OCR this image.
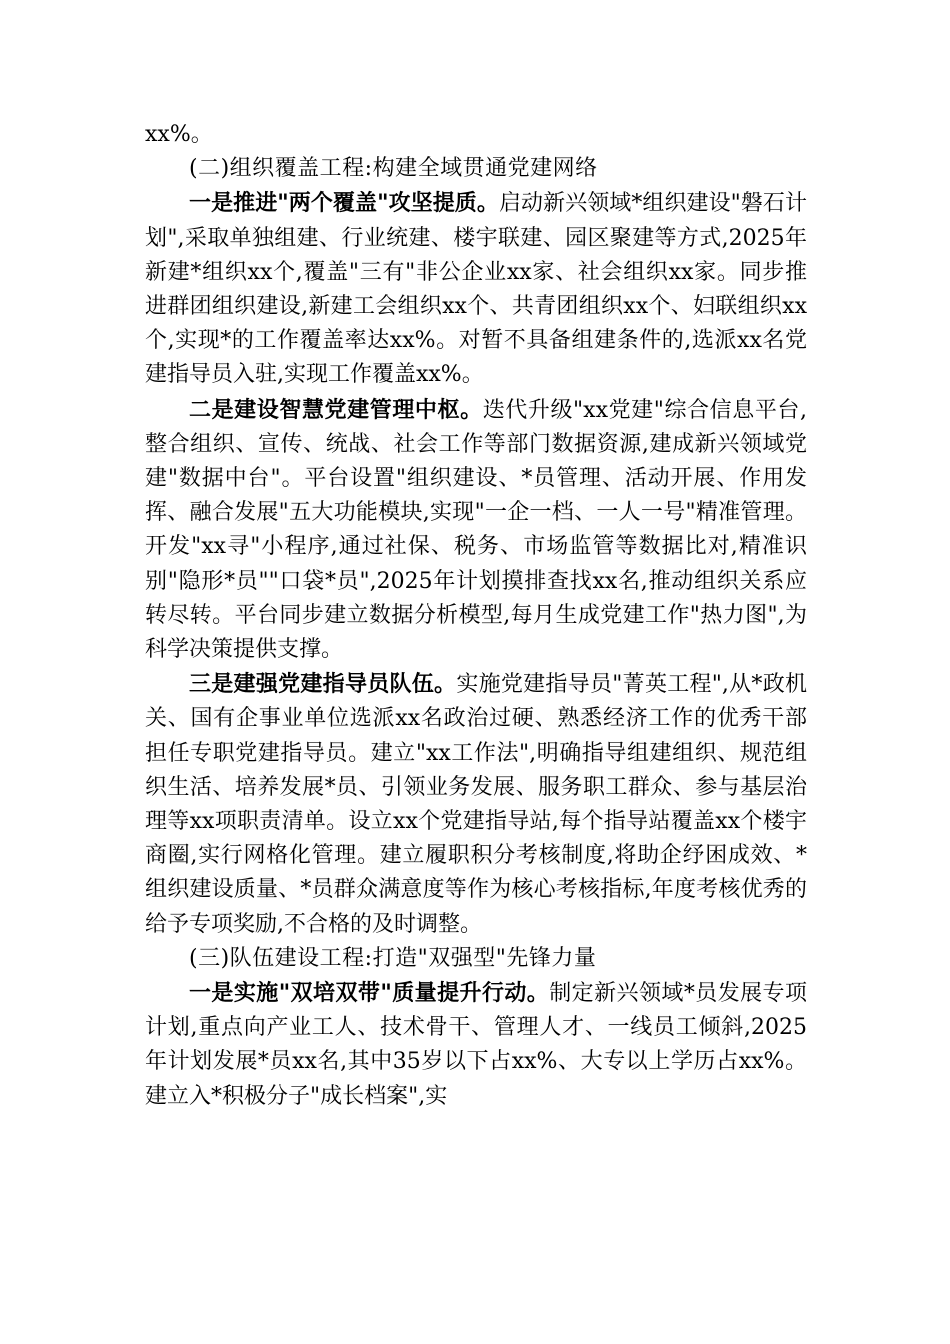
xx%。

(二)组织覆盖工程:构建全域贯通党建网络

一是推进"两个覆盖"攻坚提质。启动新兴领域*组织建设"磐石计划",采取单独组建、行业统建、楼宇联建、园区聚建等方式,2025年新建*组织xx个,覆盖"三有"非公企业xx家、社会组织xx家。同步推进群团组织建设,新建工会组织xx个、共青团组织xx个、妇联组织xx个,实现*的工作覆盖率达xx%。对暂不具备组建条件的,选派xx名党建指导员入驻,实现工作覆盖xx%。

二是建设智慧党建管理中枢。迭代升级"xx党建"综合信息平台,整合组织、宣传、统战、社会工作等部门数据资源,建成新兴领域党建"数据中台"。平台设置"组织建设、*员管理、活动开展、作用发挥、融合发展"五大功能模块,实现"一企一档、一人一号"精准管理。开发"xx寻"小程序,通过社保、税务、市场监管等数据比对,精准识别"隐形*员""口袋*员",2025年计划摸排查找xx名,推动组织关系应转尽转。平台同步建立数据分析模型,每月生成党建工作"热力图",为科学决策提供支撑。

三是建强党建指导员队伍。实施党建指导员"菁英工程",从*政机关、国有企事业单位选派xx名政治过硬、熟悉经济工作的优秀干部担任专职党建指导员。建立"xx工作法",明确指导组建组织、规范组织生活、培养发展*员、引领业务发展、服务职工群众、参与基层治理等xx项职责清单。设立xx个党建指导站,每个指导站覆盖xx个楼宇商圈,实行网格化管理。建立履职积分考核制度,将助企纾困成效、*组织建设质量、*员群众满意度等作为核心考核指标,年度考核优秀的给予专项奖励,不合格的及时调整。

(三)队伍建设工程:打造"双强型"先锋力量

一是实施"双培双带"质量提升行动。制定新兴领域*员发展专项计划,重点向产业工人、技术骨干、管理人才、一线员工倾斜,2025年计划发展*员xx名,其中35岁以下占xx%、大专以上学历占xx%。建立入*积极分子"成长档案",实
